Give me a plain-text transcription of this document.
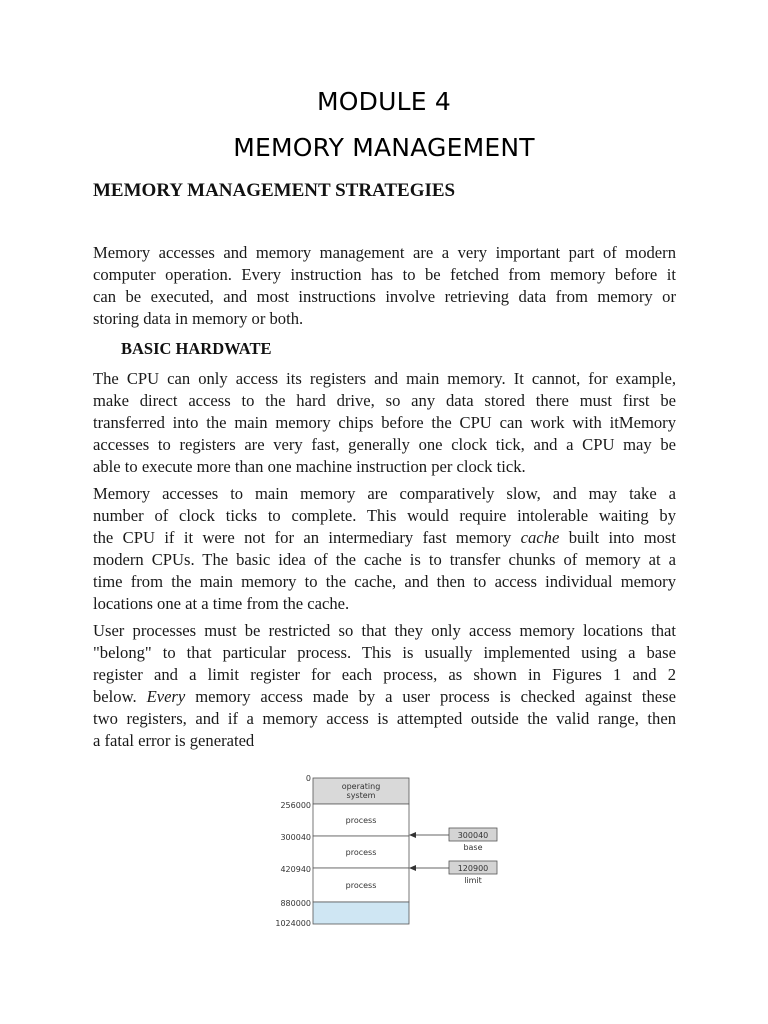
MODULE 4
MEMORY MANAGEMENT
MEMORY MANAGEMENT STRATEGIES

Memory accesses and memory management are a very important part of modern
computer operation. Every instruction has to be fetched from memory before it
can be executed, and most instructions involve retrieving data from memory or
storing data in memory or both.

BASIC HARDWATE

The CPU can only access its registers and main memory. It cannot, for example,
make direct access to the hard drive, so any data stored there must first be
transferred into the main memory chips before the CPU can work with itMemory
accesses to registers are very fast, generally one clock tick, and a CPU may be
able to execute more than one machine instruction per clock tick.

Memory accesses to main memory are comparatively slow, and may take a
number of clock ticks to complete. This would require intolerable waiting by
the CPU if it were not for an intermediary fast memory cache built into most
modern CPUs. The basic idea of the cache is to transfer chunks of memory at a
time from the main memory to the cache, and then to access individual memory
locations one at a time from the cache.

User processes must be restricted so that they only access memory locations that
"belong" to that particular process. This is usually implemented using a base
register and a limit register for each process, as shown in Figures 1 and 2
below. Every memory access made by a user process is checked against these
two registers, and if a memory access is attempted outside the valid range, then
a fatal error is generated

operating
system
process
process
process
0
256000
300040
420940
880000
1024000
300040
base
120900
limit
